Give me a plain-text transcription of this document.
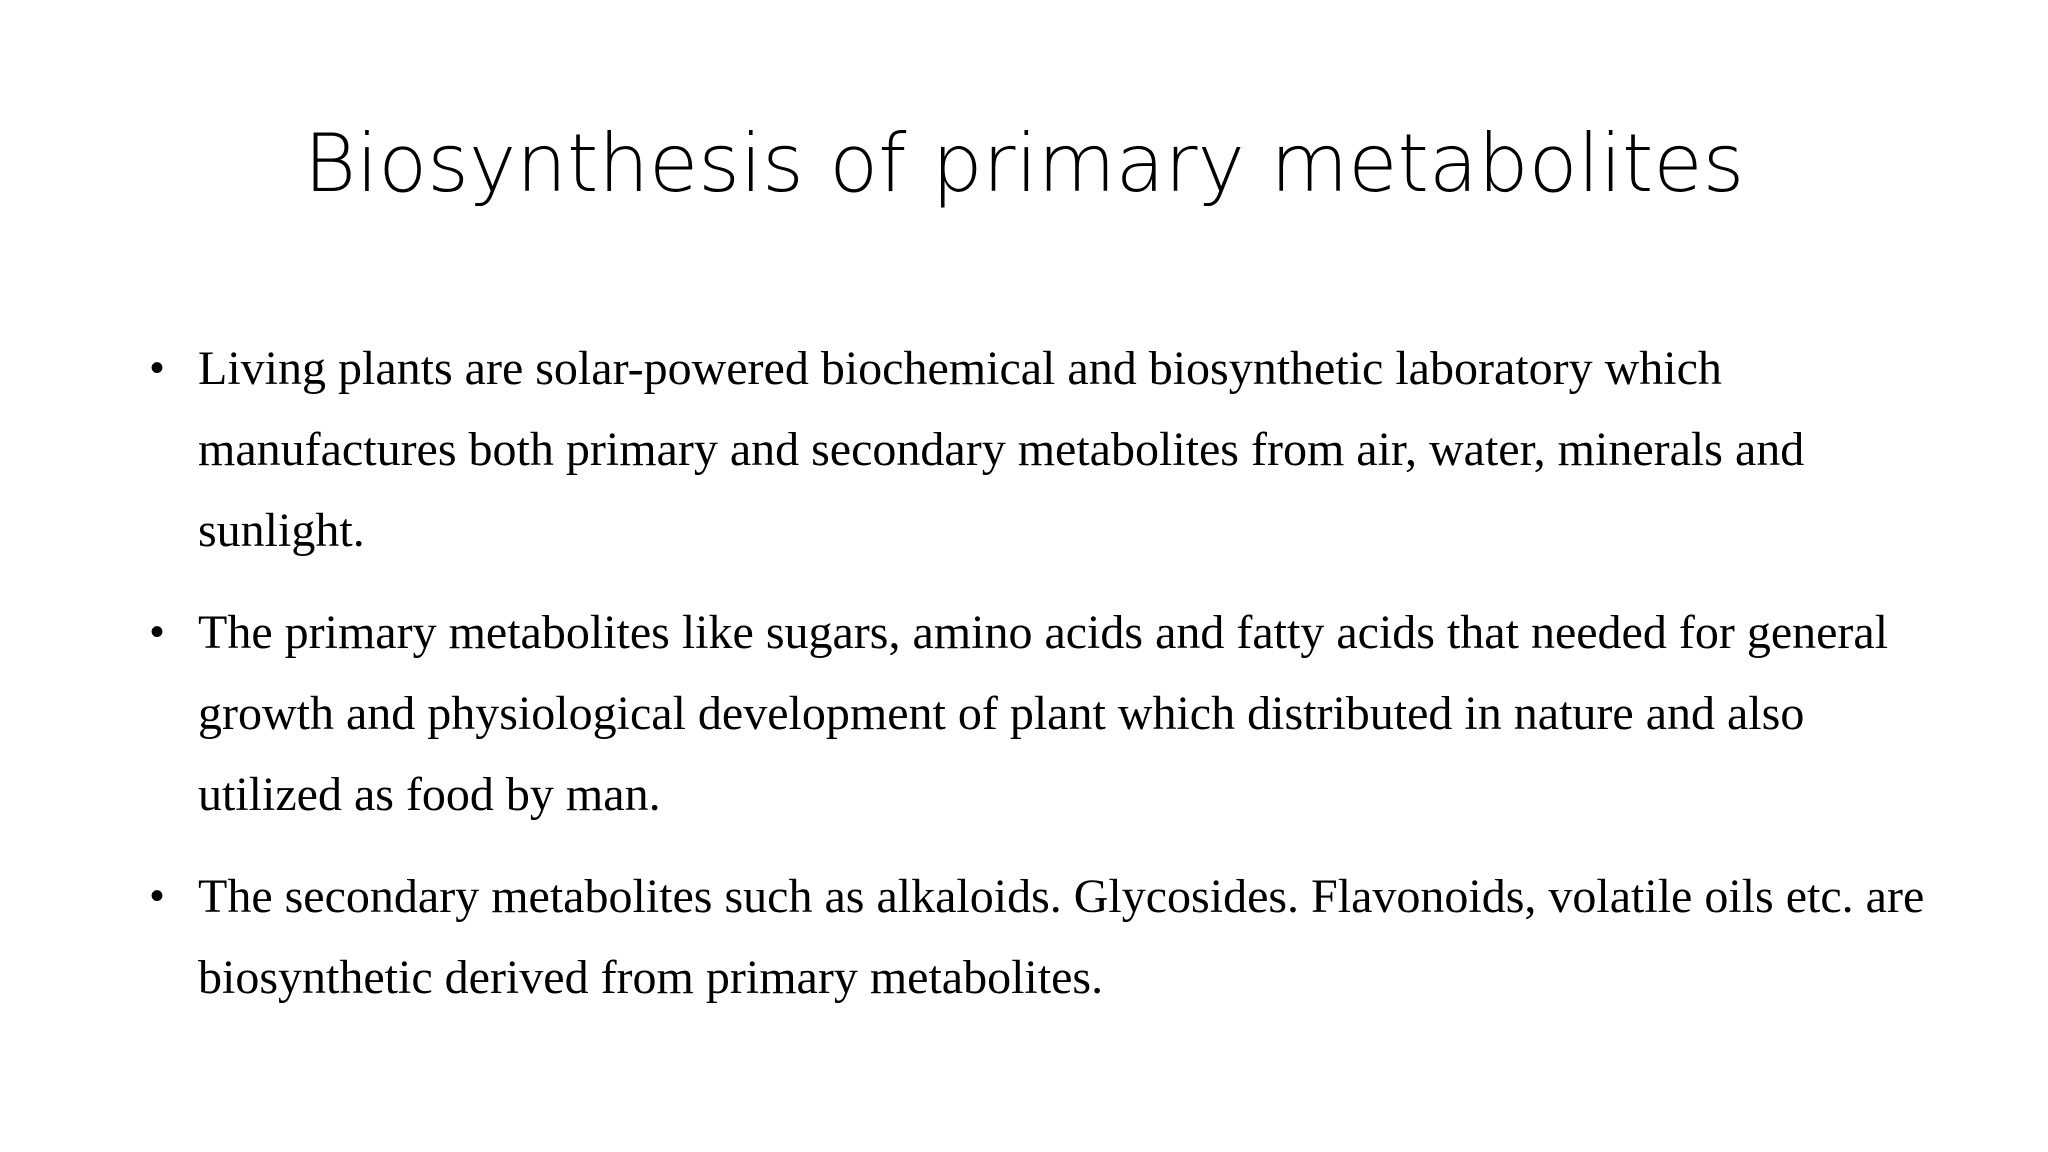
Biosynthesis of primary metabolites
• Living plants are solar-powered biochemical and biosynthetic laboratory which manufactures both primary and secondary metabolites from air, water, minerals and sunlight.
• The primary metabolites like sugars, amino acids and fatty acids that needed for general growth and physiological development of plant which distributed in nature and also utilized as food by man.
• The secondary metabolites such as alkaloids. Glycosides. Flavonoids, volatile oils etc. are biosynthetic derived from primary metabolites.
